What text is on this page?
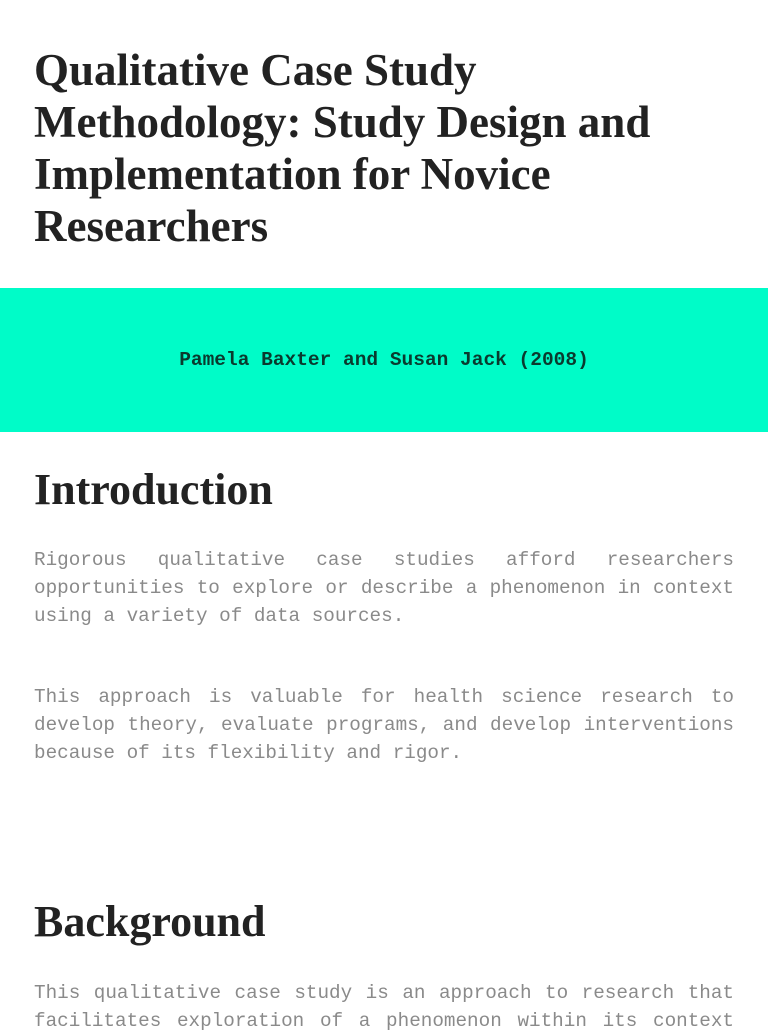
Qualitative Case Study Methodology: Study Design and Implementation for Novice Researchers
Pamela Baxter and Susan Jack (2008)
Introduction

Rigorous qualitative case studies afford researchers opportunities to explore or describe a phenomenon in context using a variety of data sources.

This approach is valuable for health science research to develop theory, evaluate programs, and develop interventions because of its flexibility and rigor.

Background

This qualitative case study is an approach to research that facilitates exploration of a phenomenon within its context
